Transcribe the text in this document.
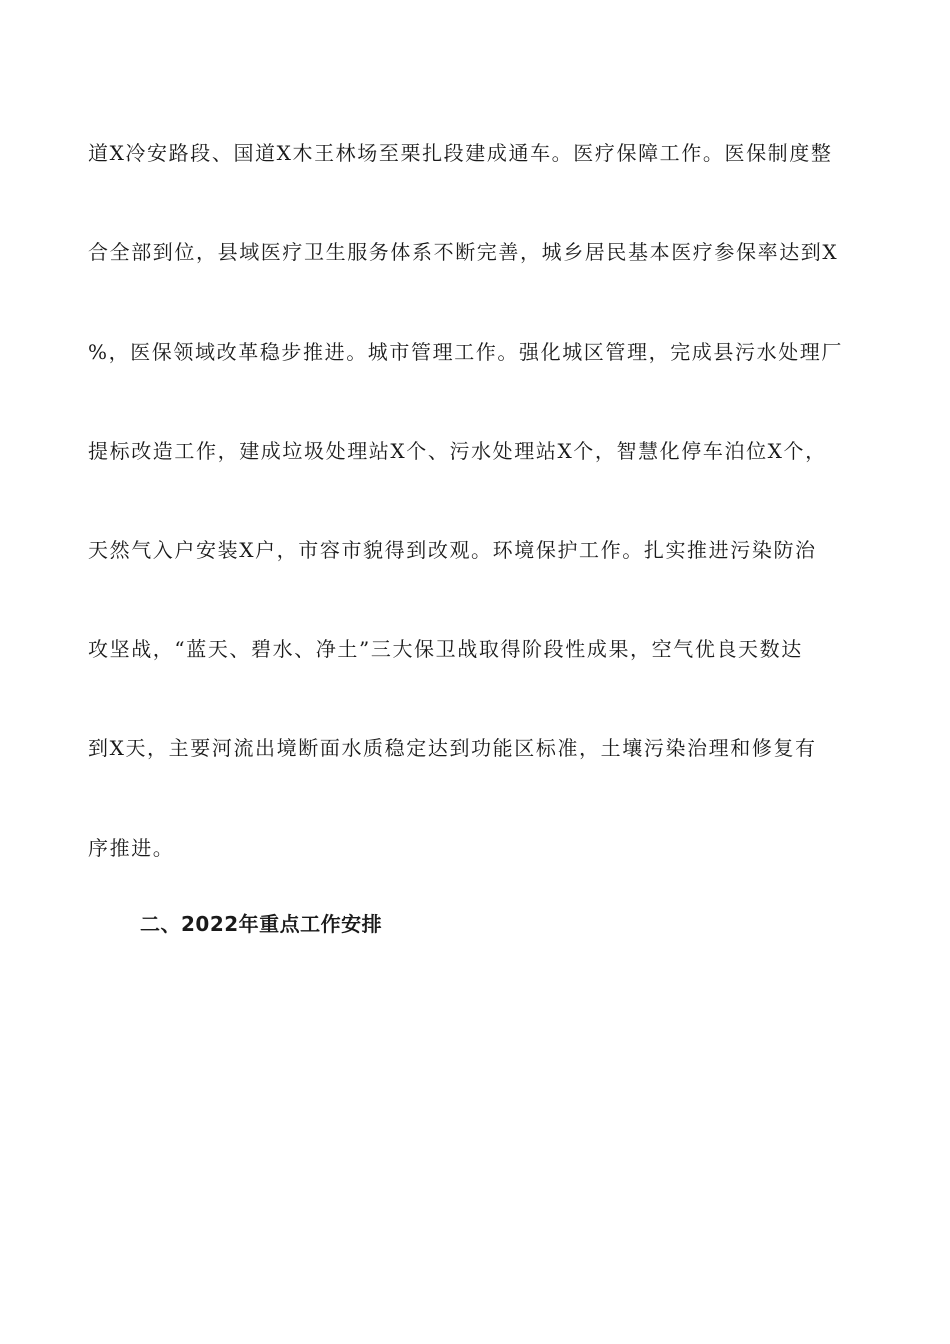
道X冷安路段、国道X木王林场至栗扎段建成通车。医疗保障工作。医保制度整
合全部到位，县域医疗卫生服务体系不断完善，城乡居民基本医疗参保率达到X
%，医保领域改革稳步推进。城市管理工作。强化城区管理，完成县污水处理厂
提标改造工作，建成垃圾处理站X个、污水处理站X个，智慧化停车泊位X个，
天然气入户安装X户，市容市貌得到改观。环境保护工作。扎实推进污染防治
攻坚战，“蓝天、碧水、净土”三大保卫战取得阶段性成果，空气优良天数达
到X天，主要河流出境断面水质稳定达到功能区标准，土壤污染治理和修复有
序推进。
二、2022年重点工作安排
